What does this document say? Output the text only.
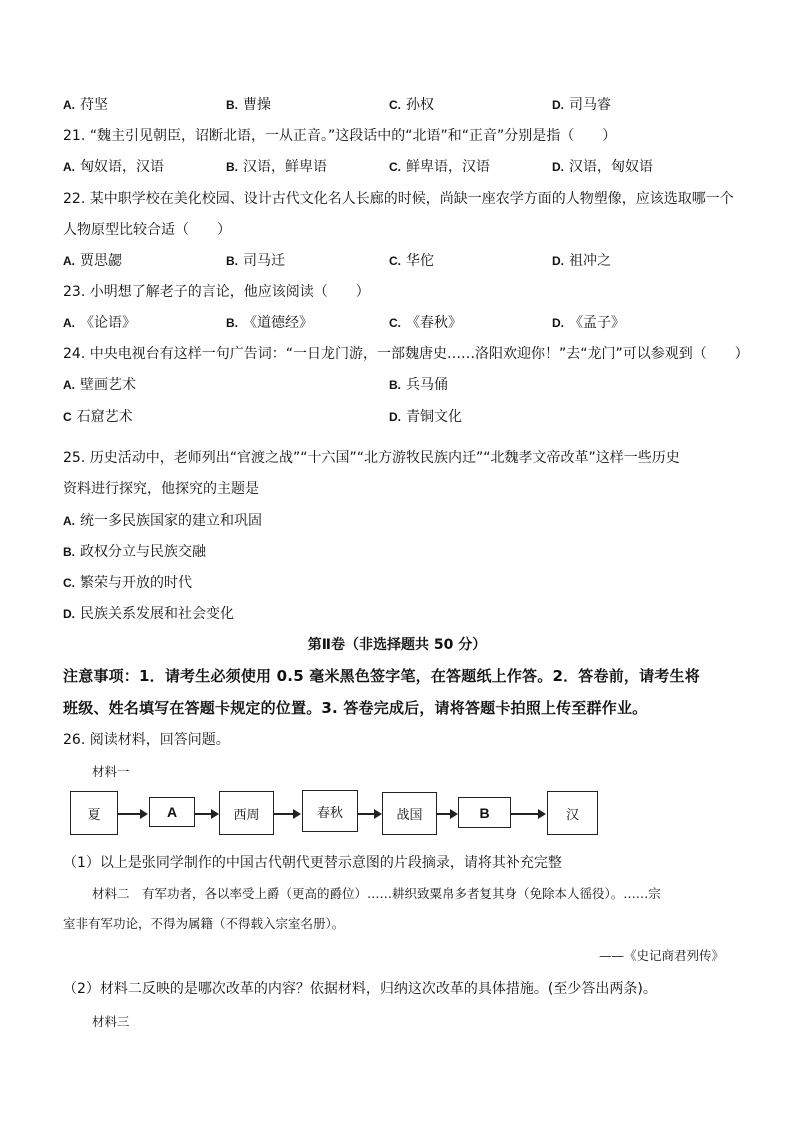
A. 苻坚	B. 曹操	C. 孙权	D. 司马睿
21. “魏主引见朝臣，诏断北语，一从正音。”这段话中的“北语”和“正音”分别是指（　　）
A. 匈奴语，汉语	B. 汉语，鲜卑语	C. 鲜卑语，汉语	D. 汉语，匈奴语
22. 某中职学校在美化校园、设计古代文化名人长廊的时候，尚缺一座农学方面的人物塑像，应该选取哪一个
人物原型比较合适（　　）
A. 贾思勰	B. 司马迁	C. 华佗	D. 祖冲之
23. 小明想了解老子的言论，他应该阅读（　　）
A. 《论语》	B. 《道德经》	C. 《春秋》	D. 《孟子》
24. 中央电视台有这样一句广告词：“一日龙门游，一部魏唐史……洛阳欢迎你！”去“龙门”可以参观到（　　）
A. 壁画艺术	B. 兵马俑
C 石窟艺术	D. 青铜文化
25. 历史活动中，老师列出“官渡之战”“十六国”“北方游牧民族内迁”“北魏孝文帝改革”这样一些历史
资料进行探究，他探究的主题是
A. 统一多民族国家的建立和巩固
B. 政权分立与民族交融
C. 繁荣与开放的时代
D. 民族关系发展和社会变化
第Ⅱ卷（非选择题共 50 分）
注意事项：1．请考生必须使用 0.5 毫米黑色签字笔，在答题纸上作答。2．答卷前，请考生将
班级、姓名填写在答题卡规定的位置。3. 答卷完成后，请将答题卡拍照上传至群作业。
26. 阅读材料，回答问题。
材料一
夏	A	西周	春秋	战国	B	汉
（1）以上是张同学制作的中国古代朝代更替示意图的片段摘录，请将其补充完整
材料二　有军功者，各以率受上爵（更高的爵位）……耕织致粟帛多者复其身（免除本人徭役）。……宗
室非有军功论，不得为属籍（不得载入宗室名册）。
——《史记商君列传》
（2）材料二反映的是哪次改革的内容？依据材料，归纳这次改革的具体措施。(至少答出两条)。
材料三
